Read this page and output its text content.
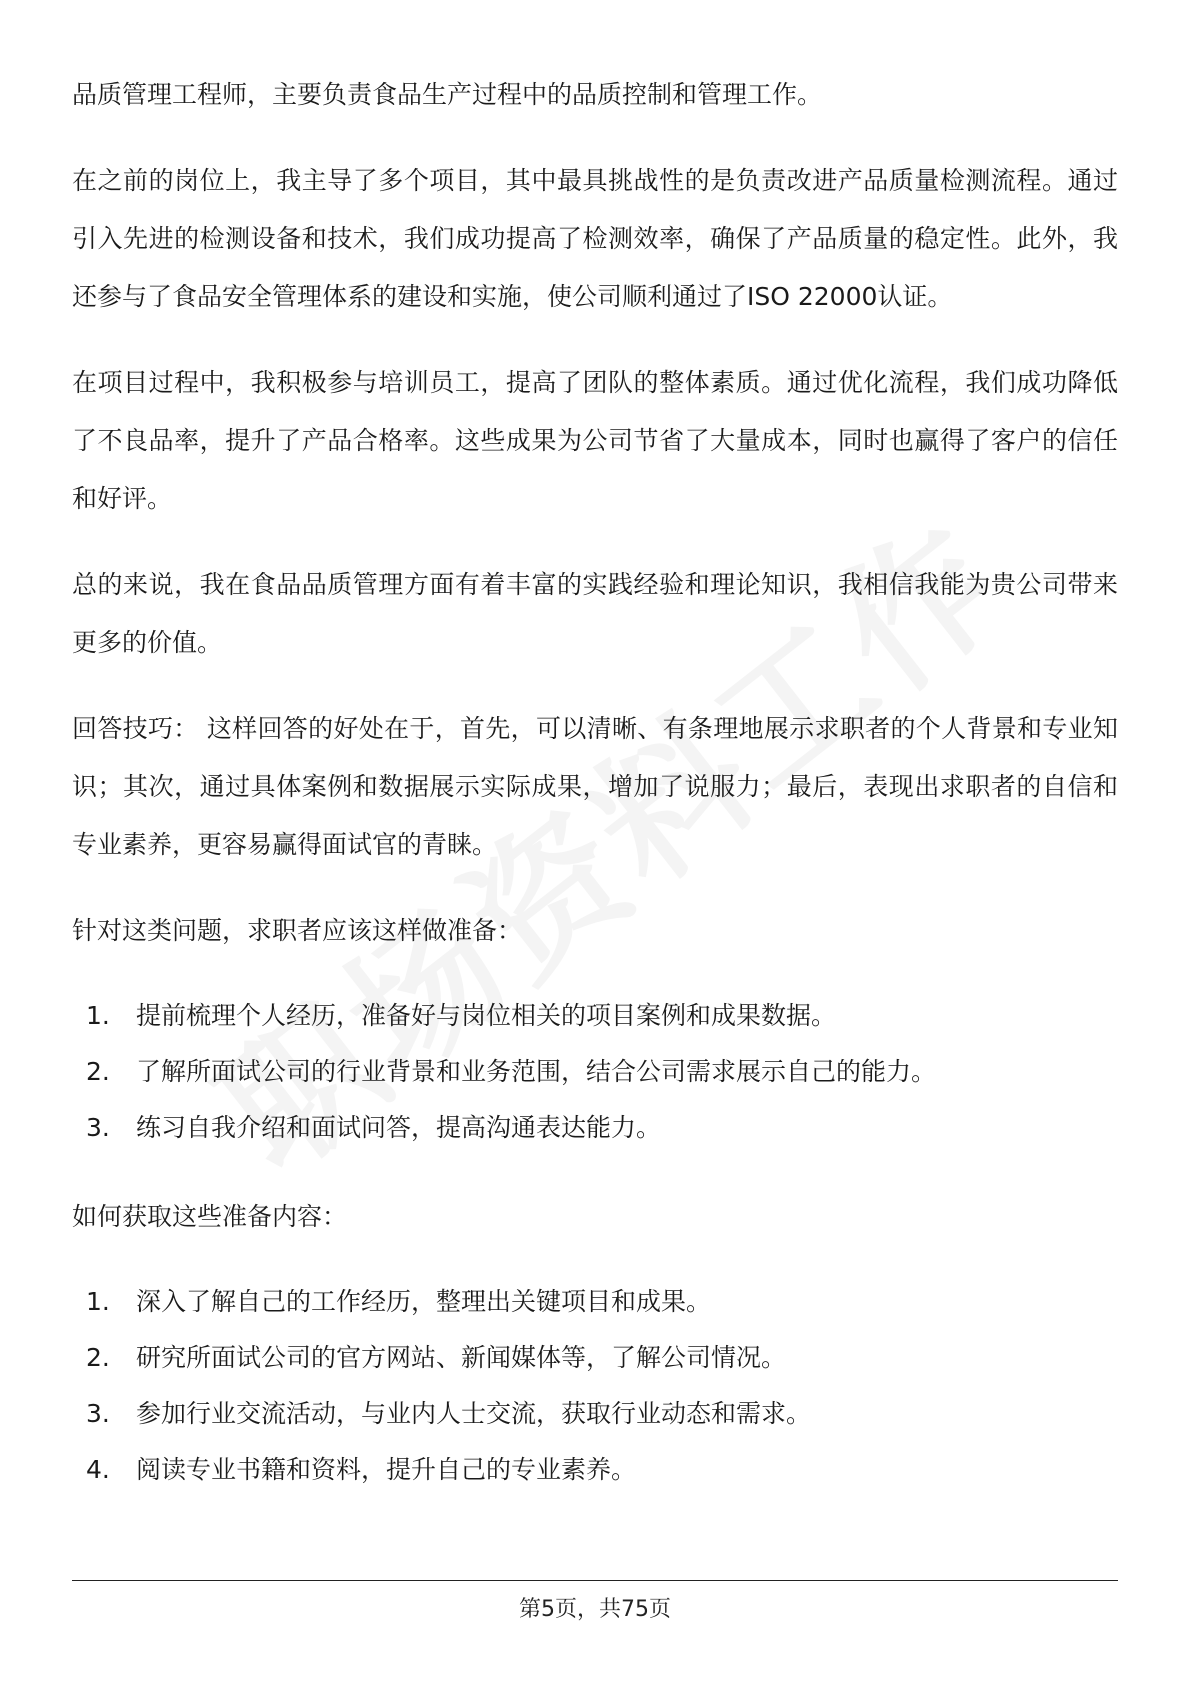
品质管理工程师，主要负责食品生产过程中的品质控制和管理工作。

在之前的岗位上，我主导了多个项目，其中最具挑战性的是负责改进产品质量检测流程。通过引入先进的检测设备和技术，我们成功提高了检测效率，确保了产品质量的稳定性。此外，我还参与了食品安全管理体系的建设和实施，使公司顺利通过了ISO 22000认证。

在项目过程中，我积极参与培训员工，提高了团队的整体素质。通过优化流程，我们成功降低了不良品率，提升了产品合格率。这些成果为公司节省了大量成本，同时也赢得了客户的信任和好评。

总的来说，我在食品品质管理方面有着丰富的实践经验和理论知识，我相信我能为贵公司带来更多的价值。

回答技巧： 这样回答的好处在于，首先，可以清晰、有条理地展示求职者的个人背景和专业知识；其次，通过具体案例和数据展示实际成果，增加了说服力；最后，表现出求职者的自信和专业素养，更容易赢得面试官的青睐。

针对这类问题，求职者应该这样做准备：

1.	提前梳理个人经历，准备好与岗位相关的项目案例和成果数据。
2.	了解所面试公司的行业背景和业务范围，结合公司需求展示自己的能力。
3.	练习自我介绍和面试问答，提高沟通表达能力。

如何获取这些准备内容：

1.	深入了解自己的工作经历，整理出关键项目和成果。
2.	研究所面试公司的官方网站、新闻媒体等，了解公司情况。
3.	参加行业交流活动，与业内人士交流，获取行业动态和需求。
4.	阅读专业书籍和资料，提升自己的专业素养。
第5页，共75页
